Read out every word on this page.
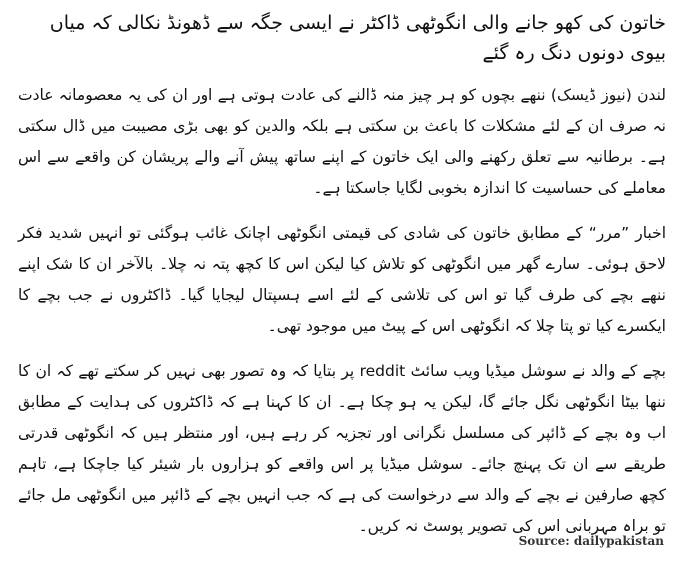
خاتون کی کھو جانے والی انگوٹھی ڈاکٹر نے ایسی جگہ سے ڈھونڈ نکالی کہ میاں بیوی دونوں دنگ رہ گئے

لندن (نیوز ڈیسک) ننھے بچوں کو ہر چیز منہ ڈالنے کی عادت ہوتی ہے اور ان کی یہ معصومانہ عادت نہ صرف ان کے لئے مشکلات کا باعث بن سکتی ہے بلکہ والدین کو بھی بڑی مصیبت میں ڈال سکتی ہے۔ برطانیہ سے تعلق رکھنے والی ایک خاتون کے اپنے ساتھ پیش آنے والے پریشان کن واقعے سے اس معاملے کی حساسیت کا اندازہ بخوبی لگایا جاسکتا ہے۔

اخبار ”مرر“ کے مطابق خاتون کی شادی کی قیمتی انگوٹھی اچانک غائب ہوگئی تو انہیں شدید فکر لاحق ہوئی۔ سارے گھر میں انگوٹھی کو تلاش کیا لیکن اس کا کچھ پتہ نہ چلا۔ بالآخر ان کا شک اپنے ننھے بچے کی طرف گیا تو اس کی تلاشی کے لئے اسے ہسپتال لیجایا گیا۔ ڈاکٹروں نے جب بچے کا ایکسرے کیا تو پتا چلا کہ انگوٹھی اس کے پیٹ میں موجود تھی۔

بچے کے والد نے سوشل میڈیا ویب سائٹ reddit پر بتایا کہ وہ تصور بھی نہیں کر سکتے تھے کہ ان کا ننھا بیٹا انگوٹھی نگل جائے گا، لیکن یہ ہو چکا ہے۔ ان کا کہنا ہے کہ ڈاکٹروں کی ہدایت کے مطابق اب وہ بچے کے ڈائپر کی مسلسل نگرانی اور تجزیہ کر رہے ہیں، اور منتظر ہیں کہ انگوٹھی قدرتی طریقے سے ان تک پہنچ جائے۔ سوشل میڈیا پر اس واقعے کو ہزاروں بار شیئر کیا جاچکا ہے، تاہم کچھ صارفین نے بچے کے والد سے درخواست کی ہے کہ جب انہیں بچے کے ڈائپر میں انگوٹھی مل جائے تو براہ مہربانی اس کی تصویر پوسٹ نہ کریں۔

Source: dailypakistan
